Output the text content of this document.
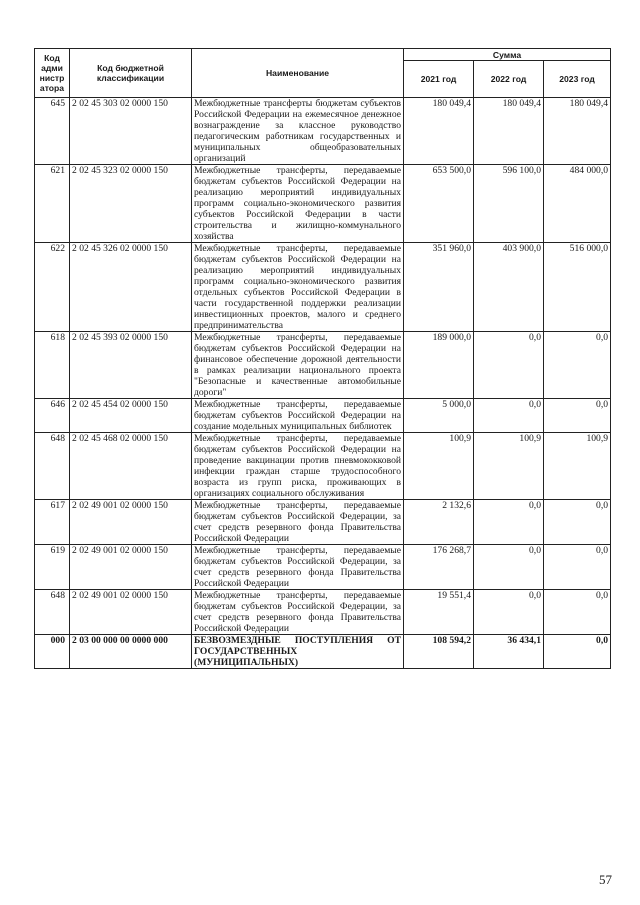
Код адми нистр атора	Код бюджетной классификации	Наименование	Сумма		
			2021 год	2022 год	2023 год
645	2 02 45 303 02 0000 150	Межбюджетные трансферты бюджетам субъектов Российской Федерации на ежемесячное денежное вознаграждение за классное руководство педагогическим работникам государственных и муниципальных общеобразовательных организаций	180 049,4	180 049,4	180 049,4
621	2 02 45 323 02 0000 150	Межбюджетные трансферты, передаваемые бюджетам субъектов Российской Федерации на реализацию мероприятий индивидуальных программ социально-экономического развития субъектов Российской Федерации в части строительства и жилищно-коммунального хозяйства	653 500,0	596 100,0	484 000,0
622	2 02 45 326 02 0000 150	Межбюджетные трансферты, передаваемые бюджетам субъектов Российской Федерации на реализацию мероприятий индивидуальных программ социально-экономического развития отдельных субъектов Российской Федерации в части государственной поддержки реализации инвестиционных проектов, малого и среднего предпринимательства	351 960,0	403 900,0	516 000,0
618	2 02 45 393 02 0000 150	Межбюджетные трансферты, передаваемые бюджетам субъектов Российской Федерации на финансовое обеспечение дорожной деятельности в рамках реализации национального проекта "Безопасные и качественные автомобильные дороги"	189 000,0	0,0	0,0
646	2 02 45 454 02 0000 150	Межбюджетные трансферты, передаваемые бюджетам субъектов Российской Федерации на создание модельных муниципальных библиотек	5 000,0	0,0	0,0
648	2 02 45 468 02 0000 150	Межбюджетные трансферты, передаваемые бюджетам субъектов Российской Федерации на проведение вакцинации против пневмококковой инфекции граждан старше трудоспособного возраста из групп риска, проживающих в организациях социального обслуживания	100,9	100,9	100,9
617	2 02 49 001 02 0000 150	Межбюджетные трансферты, передаваемые бюджетам субъектов Российской Федерации, за счет средств резервного фонда Правительства Российской Федерации	2 132,6	0,0	0,0
619	2 02 49 001 02 0000 150	Межбюджетные трансферты, передаваемые бюджетам субъектов Российской Федерации, за счет средств резервного фонда Правительства Российской Федерации	176 268,7	0,0	0,0
648	2 02 49 001 02 0000 150	Межбюджетные трансферты, передаваемые бюджетам субъектов Российской Федерации, за счет средств резервного фонда Правительства Российской Федерации	19 551,4	0,0	0,0
000	2 03 00 000 00 0000 000	БЕЗВОЗМЕЗДНЫЕ ПОСТУПЛЕНИЯ ОТ ГОСУДАРСТВЕННЫХ (МУНИЦИПАЛЬНЫХ)	108 594,2	36 434,1	0,0
57
